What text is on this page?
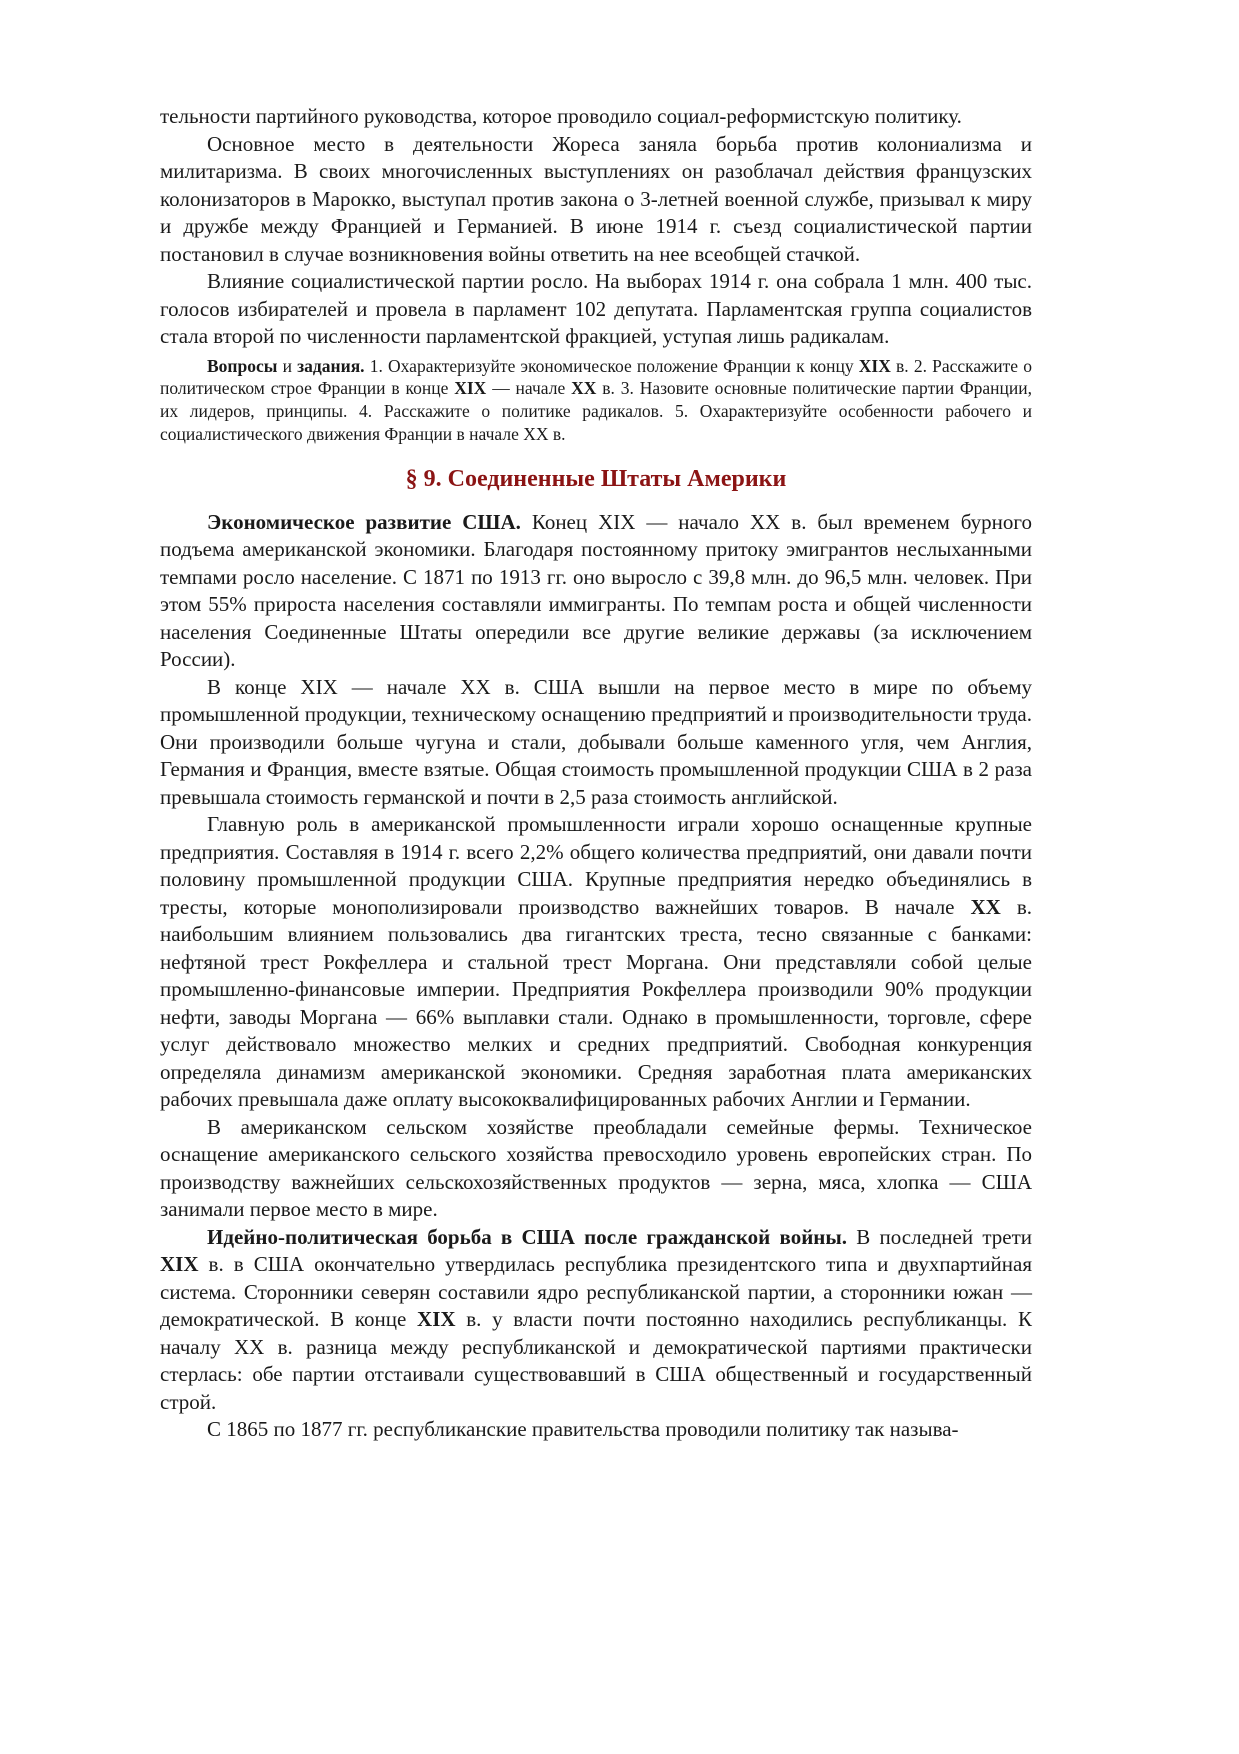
тельности партийного руководства, которое проводило социал-реформистскую политику.

Основное место в деятельности Жореса заняла борьба против колониализма и милитаризма. В своих многочисленных выступлениях он разоблачал действия французских колонизаторов в Марокко, выступал против закона о 3-летней военной службе, призывал к миру и дружбе между Францией и Германией. В июне 1914 г. съезд социалистической партии постановил в случае возникновения войны ответить на нее всеобщей стачкой.

Влияние социалистической партии росло. На выборах 1914 г. она собрала 1 млн. 400 тыс. голосов избирателей и провела в парламент 102 депутата. Парламентская группа социалистов стала второй по численности парламентской фракцией, уступая лишь радикалам.

Вопросы и задания. 1. Охарактеризуйте экономическое положение Франции к концу XIX в. 2. Расскажите о политическом строе Франции в конце XIX — начале XX в. 3. Назовите основные политические партии Франции, их лидеров, принципы. 4. Расскажите о политике радикалов. 5. Охарактеризуйте особенности рабочего и социалистического движения Франции в начале XX в.

§ 9. Соединенные Штаты Америки

Экономическое развитие США. Конец XIX — начало XX в. был временем бурного подъема американской экономики. Благодаря постоянному притоку эмигрантов неслыханными темпами росло население. С 1871 по 1913 гг. оно выросло с 39,8 млн. до 96,5 млн. человек. При этом 55% прироста населения составляли иммигранты. По темпам роста и общей численности населения Соединенные Штаты опередили все другие великие державы (за исключением России).

В конце XIX — начале XX в. США вышли на первое место в мире по объему промышленной продукции, техническому оснащению предприятий и производительности труда. Они производили больше чугуна и стали, добывали больше каменного угля, чем Англия, Германия и Франция, вместе взятые. Общая стоимость промышленной продукции США в 2 раза превышала стоимость германской и почти в 2,5 раза стоимость английской.

Главную роль в американской промышленности играли хорошо оснащенные крупные предприятия. Составляя в 1914 г. всего 2,2% общего количества предприятий, они давали почти половину промышленной продукции США. Крупные предприятия нередко объединялись в тресты, которые монополизировали производство важнейших товаров. В начале XX в. наибольшим влиянием пользовались два гигантских треста, тесно связанные с банками: нефтяной трест Рокфеллера и стальной трест Моргана. Они представляли собой целые промышленно-финансовые империи. Предприятия Рокфеллера производили 90% продукции нефти, заводы Моргана — 66% выплавки стали. Однако в промышленности, торговле, сфере услуг действовало множество мелких и средних предприятий. Свободная конкуренция определяла динамизм американской экономики. Средняя заработная плата американских рабочих превышала даже оплату высококвалифицированных рабочих Англии и Германии.

В американском сельском хозяйстве преобладали семейные фермы. Техническое оснащение американского сельского хозяйства превосходило уровень европейских стран. По производству важнейших сельскохозяйственных продуктов — зерна, мяса, хлопка — США занимали первое место в мире.

Идейно-политическая борьба в США после гражданской войны. В последней трети XIX в. в США окончательно утвердилась республика президентского типа и двухпартийная система. Сторонники северян составили ядро республиканской партии, а сторонники южан — демократической. В конце XIX в. у власти почти постоянно находились республиканцы. К началу XX в. разница между республиканской и демократической партиями практически стерлась: обе партии отстаивали существовавший в США общественный и государственный строй.

С 1865 по 1877 гг. республиканские правительства проводили политику так называ-
